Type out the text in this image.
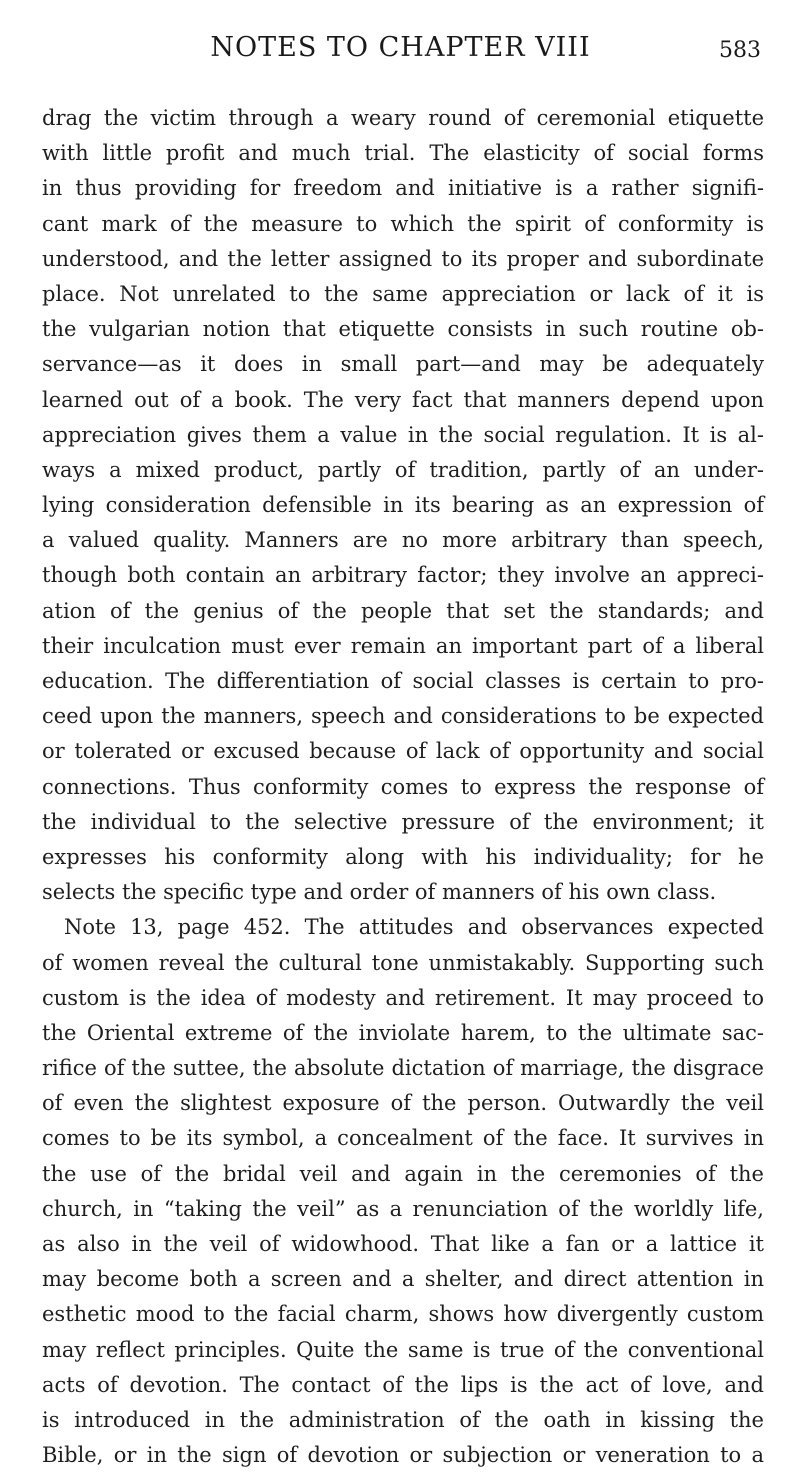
NOTES TO CHAPTER VIII	583
drag the victim through a weary round of ceremonial etiquette
with little profit and much trial. The elasticity of social forms
in thus providing for freedom and initiative is a rather signifi-
cant mark of the measure to which the spirit of conformity is
understood, and the letter assigned to its proper and subordinate
place. Not unrelated to the same appreciation or lack of it is
the vulgarian notion that etiquette consists in such routine ob-
servance—as it does in small part—and may be adequately
learned out of a book. The very fact that manners depend upon
appreciation gives them a value in the social regulation. It is al-
ways a mixed product, partly of tradition, partly of an under-
lying consideration defensible in its bearing as an expression of
a valued quality. Manners are no more arbitrary than speech,
though both contain an arbitrary factor; they involve an appreci-
ation of the genius of the people that set the standards; and
their inculcation must ever remain an important part of a liberal
education. The differentiation of social classes is certain to pro-
ceed upon the manners, speech and considerations to be expected
or tolerated or excused because of lack of opportunity and social
connections. Thus conformity comes to express the response of
the individual to the selective pressure of the environment; it
expresses his conformity along with his individuality; for he
selects the specific type and order of manners of his own class.
Note 13, page 452. The attitudes and observances expected
of women reveal the cultural tone unmistakably. Supporting such
custom is the idea of modesty and retirement. It may proceed to
the Oriental extreme of the inviolate harem, to the ultimate sac-
rifice of the suttee, the absolute dictation of marriage, the disgrace
of even the slightest exposure of the person. Outwardly the veil
comes to be its symbol, a concealment of the face. It survives in
the use of the bridal veil and again in the ceremonies of the
church, in “taking the veil” as a renunciation of the worldly life,
as also in the veil of widowhood. That like a fan or a lattice it
may become both a screen and a shelter, and direct attention in
esthetic mood to the facial charm, shows how divergently custom
may reflect principles. Quite the same is true of the conventional
acts of devotion. The contact of the lips is the act of love, and
is introduced in the administration of the oath in kissing the
Bible, or in the sign of devotion or subjection or veneration to a
